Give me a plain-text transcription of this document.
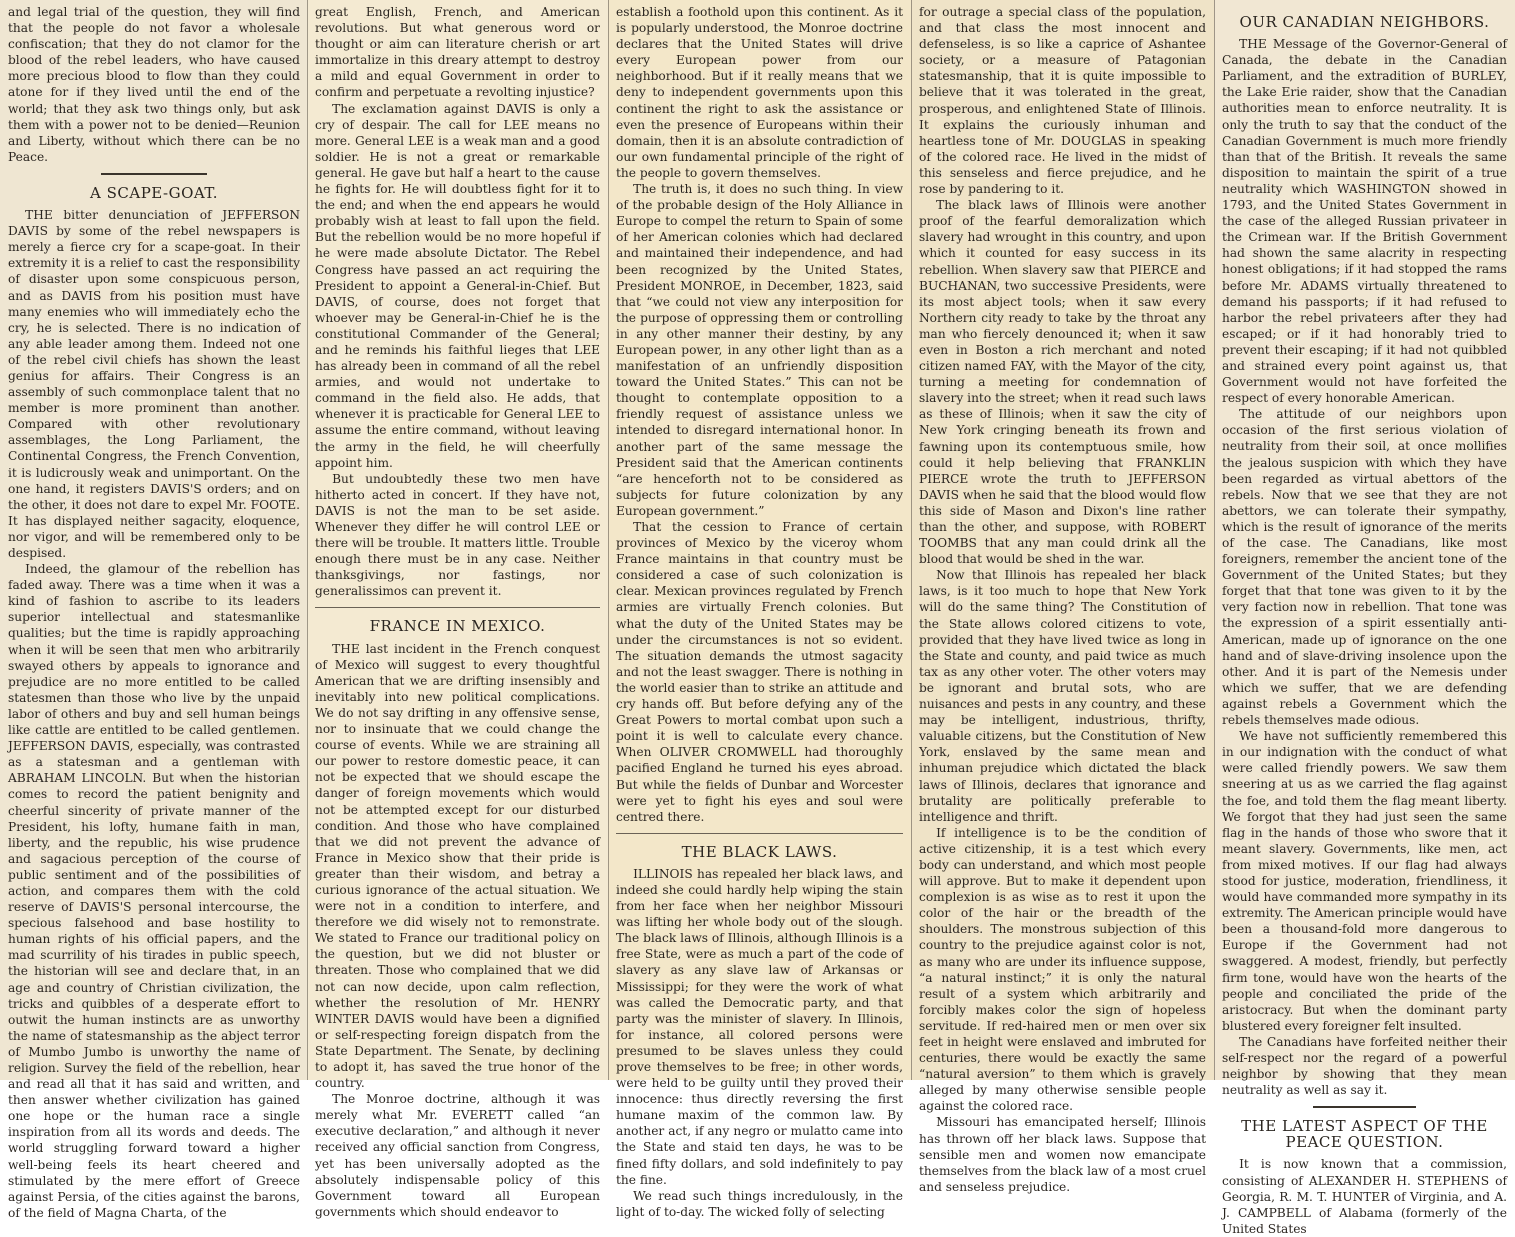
and legal trial of the question, they will find that the people do not favor a wholesale confiscation; that they do not clamor for the blood of the rebel leaders, who have caused more precious blood to flow than they could atone for if they lived until the end of the world; that they ask two things only, but ask them with a power not to be denied—Reunion and Liberty, without which there can be no Peace.

A SCAPE-GOAT.

THE bitter denunciation of JEFFERSON DAVIS by some of the rebel newspapers is merely a fierce cry for a scape-goat. In their extremity it is a relief to cast the responsibility of disaster upon some conspicuous person, and as DAVIS from his position must have many enemies who will immediately echo the cry, he is selected. There is no indication of any able leader among them. Indeed not one of the rebel civil chiefs has shown the least genius for affairs. Their Congress is an assembly of such commonplace talent that no member is more prominent than another. Compared with other revolutionary assemblages, the Long Parliament, the Continental Congress, the French Convention, it is ludicrously weak and unimportant. On the one hand, it registers DAVIS'S orders; and on the other, it does not dare to expel Mr. FOOTE. It has displayed neither sagacity, eloquence, nor vigor, and will be remembered only to be despised.

Indeed, the glamour of the rebellion has faded away. There was a time when it was a kind of fashion to ascribe to its leaders superior intellectual and statesmanlike qualities; but the time is rapidly approaching when it will be seen that men who arbitrarily swayed others by appeals to ignorance and prejudice are no more entitled to be called statesmen than those who live by the unpaid labor of others and buy and sell human beings like cattle are entitled to be called gentlemen. JEFFERSON DAVIS, especially, was contrasted as a statesman and a gentleman with ABRAHAM LINCOLN. But when the historian comes to record the patient benignity and cheerful sincerity of private manner of the President, his lofty, humane faith in man, liberty, and the republic, his wise prudence and sagacious perception of the course of public sentiment and of the possibilities of action, and compares them with the cold reserve of DAVIS'S personal intercourse, the specious falsehood and base hostility to human rights of his official papers, and the mad scurrility of his tirades in public speech, the historian will see and declare that, in an age and country of Christian civilization, the tricks and quibbles of a desperate effort to outwit the human instincts are as unworthy the name of statesmanship as the abject terror of Mumbo Jumbo is unworthy the name of religion. Survey the field of the rebellion, hear and read all that it has said and written, and then answer whether civilization has gained one hope or the human race a single inspiration from all its words and deeds. The world struggling forward toward a higher well-being feels its heart cheered and stimulated by the mere effort of Greece against Persia, of the cities against the barons, of the field of Magna Charta, of the

great English, French, and American revolutions. But what generous word or thought or aim can literature cherish or art immortalize in this dreary attempt to destroy a mild and equal Government in order to confirm and perpetuate a revolting injustice?

The exclamation against DAVIS is only a cry of despair. The call for LEE means no more. General LEE is a weak man and a good soldier. He is not a great or remarkable general. He gave but half a heart to the cause he fights for. He will doubtless fight for it to the end; and when the end appears he would probably wish at least to fall upon the field. But the rebellion would be no more hopeful if he were made absolute Dictator. The Rebel Congress have passed an act requiring the President to appoint a General-in-Chief. But DAVIS, of course, does not forget that whoever may be General-in-Chief he is the constitutional Commander of the General; and he reminds his faithful lieges that LEE has already been in command of all the rebel armies, and would not undertake to command in the field also. He adds, that whenever it is practicable for General LEE to assume the entire command, without leaving the army in the field, he will cheerfully appoint him.

But undoubtedly these two men have hitherto acted in concert. If they have not, DAVIS is not the man to be set aside. Whenever they differ he will control LEE or there will be trouble. It matters little. Trouble enough there must be in any case. Neither thanksgivings, nor fastings, nor generalissimos can prevent it.

FRANCE IN MEXICO.

THE last incident in the French conquest of Mexico will suggest to every thoughtful American that we are drifting insensibly and inevitably into new political complications. We do not say drifting in any offensive sense, nor to insinuate that we could change the course of events. While we are straining all our power to restore domestic peace, it can not be expected that we should escape the danger of foreign movements which would not be attempted except for our disturbed condition. And those who have complained that we did not prevent the advance of France in Mexico show that their pride is greater than their wisdom, and betray a curious ignorance of the actual situation. We were not in a condition to interfere, and therefore we did wisely not to remonstrate. We stated to France our traditional policy on the question, but we did not bluster or threaten. Those who complained that we did not can now decide, upon calm reflection, whether the resolution of Mr. HENRY WINTER DAVIS would have been a dignified or self-respecting foreign dispatch from the State Department. The Senate, by declining to adopt it, has saved the true honor of the country.

The Monroe doctrine, although it was merely what Mr. EVERETT called “an executive declaration,” and although it never received any official sanction from Congress, yet has been universally adopted as the absolutely indispensable policy of this Government toward all European governments which should endeavor to

establish a foothold upon this continent. As it is popularly understood, the Monroe doctrine declares that the United States will drive every European power from our neighborhood. But if it really means that we deny to independent governments upon this continent the right to ask the assistance or even the presence of Europeans within their domain, then it is an absolute contradiction of our own fundamental principle of the right of the people to govern themselves.

The truth is, it does no such thing. In view of the probable design of the Holy Alliance in Europe to compel the return to Spain of some of her American colonies which had declared and maintained their independence, and had been recognized by the United States, President MONROE, in December, 1823, said that “we could not view any interposition for the purpose of oppressing them or controlling in any other manner their destiny, by any European power, in any other light than as a manifestation of an unfriendly disposition toward the United States.” This can not be thought to contemplate opposition to a friendly request of assistance unless we intended to disregard international honor. In another part of the same message the President said that the American continents “are henceforth not to be considered as subjects for future colonization by any European government.”

That the cession to France of certain provinces of Mexico by the viceroy whom France maintains in that country must be considered a case of such colonization is clear. Mexican provinces regulated by French armies are virtually French colonies. But what the duty of the United States may be under the circumstances is not so evident. The situation demands the utmost sagacity and not the least swagger. There is nothing in the world easier than to strike an attitude and cry hands off. But before defying any of the Great Powers to mortal combat upon such a point it is well to calculate every chance. When OLIVER CROMWELL had thoroughly pacified England he turned his eyes abroad. But while the fields of Dunbar and Worcester were yet to fight his eyes and soul were centred there.

THE BLACK LAWS.

ILLINOIS has repealed her black laws, and indeed she could hardly help wiping the stain from her face when her neighbor Missouri was lifting her whole body out of the slough. The black laws of Illinois, although Illinois is a free State, were as much a part of the code of slavery as any slave law of Arkansas or Mississippi; for they were the work of what was called the Democratic party, and that party was the minister of slavery. In Illinois, for instance, all colored persons were presumed to be slaves unless they could prove themselves to be free; in other words, were held to be guilty until they proved their innocence: thus directly reversing the first humane maxim of the common law. By another act, if any negro or mulatto came into the State and staid ten days, he was to be fined fifty dollars, and sold indefinitely to pay the fine.

We read such things incredulously, in the light of to-day. The wicked folly of selecting

for outrage a special class of the population, and that class the most innocent and defenseless, is so like a caprice of Ashantee society, or a measure of Patagonian statesmanship, that it is quite impossible to believe that it was tolerated in the great, prosperous, and enlightened State of Illinois. It explains the curiously inhuman and heartless tone of Mr. DOUGLAS in speaking of the colored race. He lived in the midst of this senseless and fierce prejudice, and he rose by pandering to it.

The black laws of Illinois were another proof of the fearful demoralization which slavery had wrought in this country, and upon which it counted for easy success in its rebellion. When slavery saw that PIERCE and BUCHANAN, two successive Presidents, were its most abject tools; when it saw every Northern city ready to take by the throat any man who fiercely denounced it; when it saw even in Boston a rich merchant and noted citizen named FAY, with the Mayor of the city, turning a meeting for condemnation of slavery into the street; when it read such laws as these of Illinois; when it saw the city of New York cringing beneath its frown and fawning upon its contemptuous smile, how could it help believing that FRANKLIN PIERCE wrote the truth to JEFFERSON DAVIS when he said that the blood would flow this side of Mason and Dixon's line rather than the other, and suppose, with ROBERT TOOMBS that any man could drink all the blood that would be shed in the war.

Now that Illinois has repealed her black laws, is it too much to hope that New York will do the same thing? The Constitution of the State allows colored citizens to vote, provided that they have lived twice as long in the State and county, and paid twice as much tax as any other voter. The other voters may be ignorant and brutal sots, who are nuisances and pests in any country, and these may be intelligent, industrious, thrifty, valuable citizens, but the Constitution of New York, enslaved by the same mean and inhuman prejudice which dictated the black laws of Illinois, declares that ignorance and brutality are politically preferable to intelligence and thrift.

If intelligence is to be the condition of active citizenship, it is a test which every body can understand, and which most people will approve. But to make it dependent upon complexion is as wise as to rest it upon the color of the hair or the breadth of the shoulders. The monstrous subjection of this country to the prejudice against color is not, as many who are under its influence suppose, “a natural instinct;” it is only the natural result of a system which arbitrarily and forcibly makes color the sign of hopeless servitude. If red-haired men or men over six feet in height were enslaved and imbruted for centuries, there would be exactly the same “natural aversion” to them which is gravely alleged by many otherwise sensible people against the colored race.

Missouri has emancipated herself; Illinois has thrown off her black laws. Suppose that sensible men and women now emancipate themselves from the black law of a most cruel and senseless prejudice.

OUR CANADIAN NEIGHBORS.

THE Message of the Governor-General of Canada, the debate in the Canadian Parliament, and the extradition of BURLEY, the Lake Erie raider, show that the Canadian authorities mean to enforce neutrality. It is only the truth to say that the conduct of the Canadian Government is much more friendly than that of the British. It reveals the same disposition to maintain the spirit of a true neutrality which WASHINGTON showed in 1793, and the United States Government in the case of the alleged Russian privateer in the Crimean war. If the British Government had shown the same alacrity in respecting honest obligations; if it had stopped the rams before Mr. ADAMS virtually threatened to demand his passports; if it had refused to harbor the rebel privateers after they had escaped; or if it had honorably tried to prevent their escaping; if it had not quibbled and strained every point against us, that Government would not have forfeited the respect of every honorable American.

The attitude of our neighbors upon occasion of the first serious violation of neutrality from their soil, at once mollifies the jealous suspicion with which they have been regarded as virtual abettors of the rebels. Now that we see that they are not abettors, we can tolerate their sympathy, which is the result of ignorance of the merits of the case. The Canadians, like most foreigners, remember the ancient tone of the Government of the United States; but they forget that that tone was given to it by the very faction now in rebellion. That tone was the expression of a spirit essentially anti-American, made up of ignorance on the one hand and of slave-driving insolence upon the other. And it is part of the Nemesis under which we suffer, that we are defending against rebels a Government which the rebels themselves made odious.

We have not sufficiently remembered this in our indignation with the conduct of what were called friendly powers. We saw them sneering at us as we carried the flag against the foe, and told them the flag meant liberty. We forgot that they had just seen the same flag in the hands of those who swore that it meant slavery. Governments, like men, act from mixed motives. If our flag had always stood for justice, moderation, friendliness, it would have commanded more sympathy in its extremity. The American principle would have been a thousand-fold more dangerous to Europe if the Government had not swaggered. A modest, friendly, but perfectly firm tone, would have won the hearts of the people and conciliated the pride of the aristocracy. But when the dominant party blustered every foreigner felt insulted.

The Canadians have forfeited neither their self-respect nor the regard of a powerful neighbor by showing that they mean neutrality as well as say it.

THE LATEST ASPECT OF THE PEACE QUESTION.

It is now known that a commission, consisting of ALEXANDER H. STEPHENS of Georgia, R. M. T. HUNTER of Virginia, and A. J. CAMPBELL of Alabama (formerly of the United States
